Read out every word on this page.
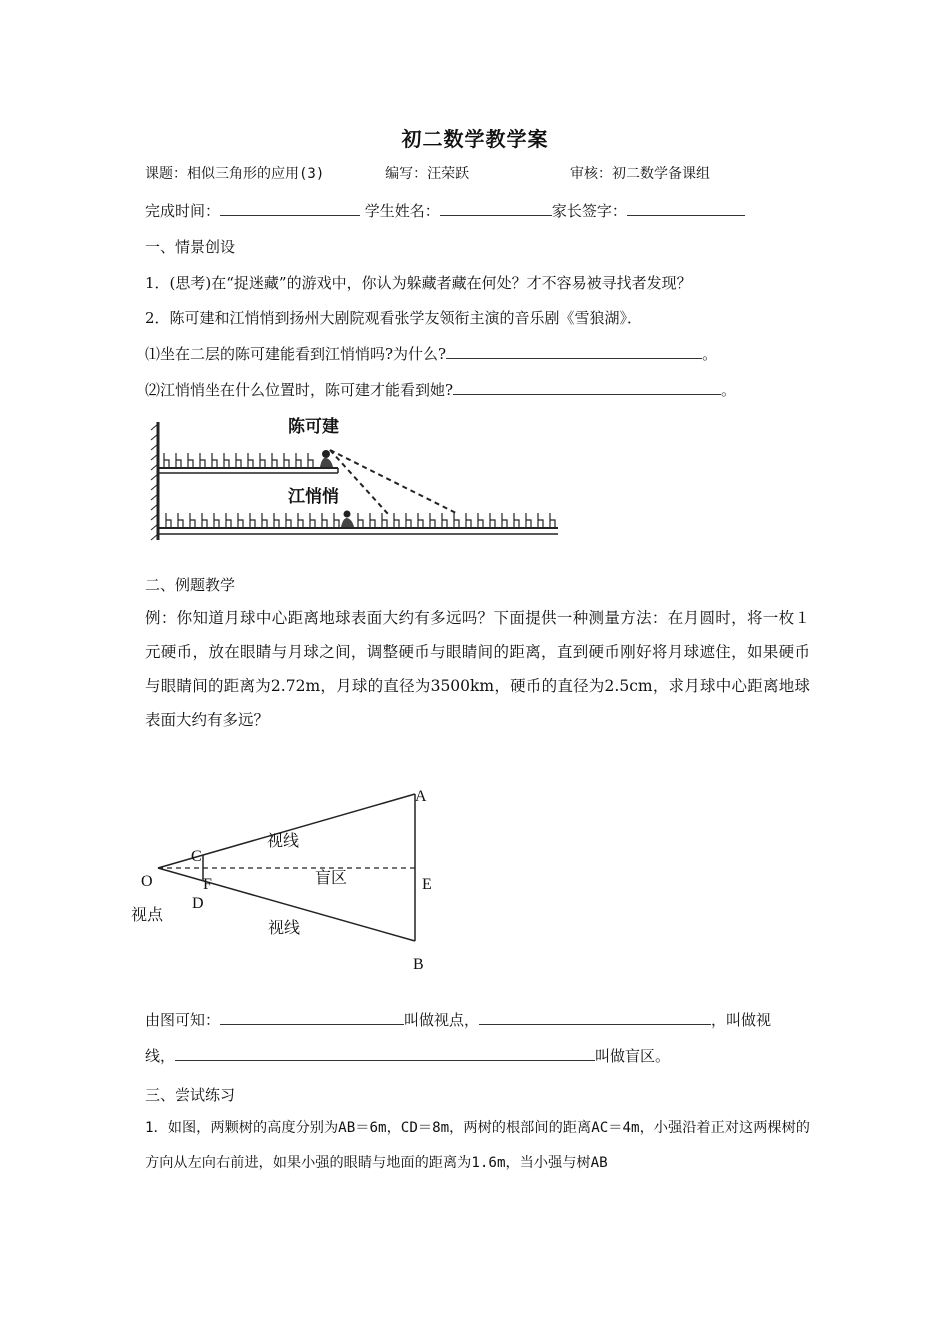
初二数学教学案
课题：相似三角形的应用(3)	编写：汪荣跃	审核：初二数学备课组
完成时间：	学生姓名：	家长签字：
一、情景创设
1．(思考)在“捉迷藏”的游戏中，你认为躲藏者藏在何处？才不容易被寻找者发现？
2．陈可建和江悄悄到扬州大剧院观看张学友领衔主演的音乐剧《雪狼湖》．
⑴坐在二层的陈可建能看到江悄悄吗?为什么?	。
⑵江悄悄坐在什么位置时，陈可建才能看到她?	。
陈可建
江悄悄
二、例题教学
例：你知道月球中心距离地球表面大约有多远吗？下面提供一种测量方法：在月圆时，将一枚１元硬币，放在眼睛与月球之间，调整硬币与眼睛间的距离，直到硬币刚好将月球遮住，如果硬币与眼睛间的距离为2.72m，月球的直径为3500km，硬币的直径为2.5cm，求月球中心距离地球表面大约有多远？
A
B
C
F
D
E
O
视点
视线
视线
盲区
由图可知：	叫做视点，	，叫做视
线，	叫做盲区。
三、尝试练习
1．如图，两颗树的高度分别为AB＝6m，CD＝8m，两树的根部间的距离AC＝4m，小强沿着正对这两棵树的方向从左向右前进，如果小强的眼睛与地面的距离为1.6m，当小强与树AB
